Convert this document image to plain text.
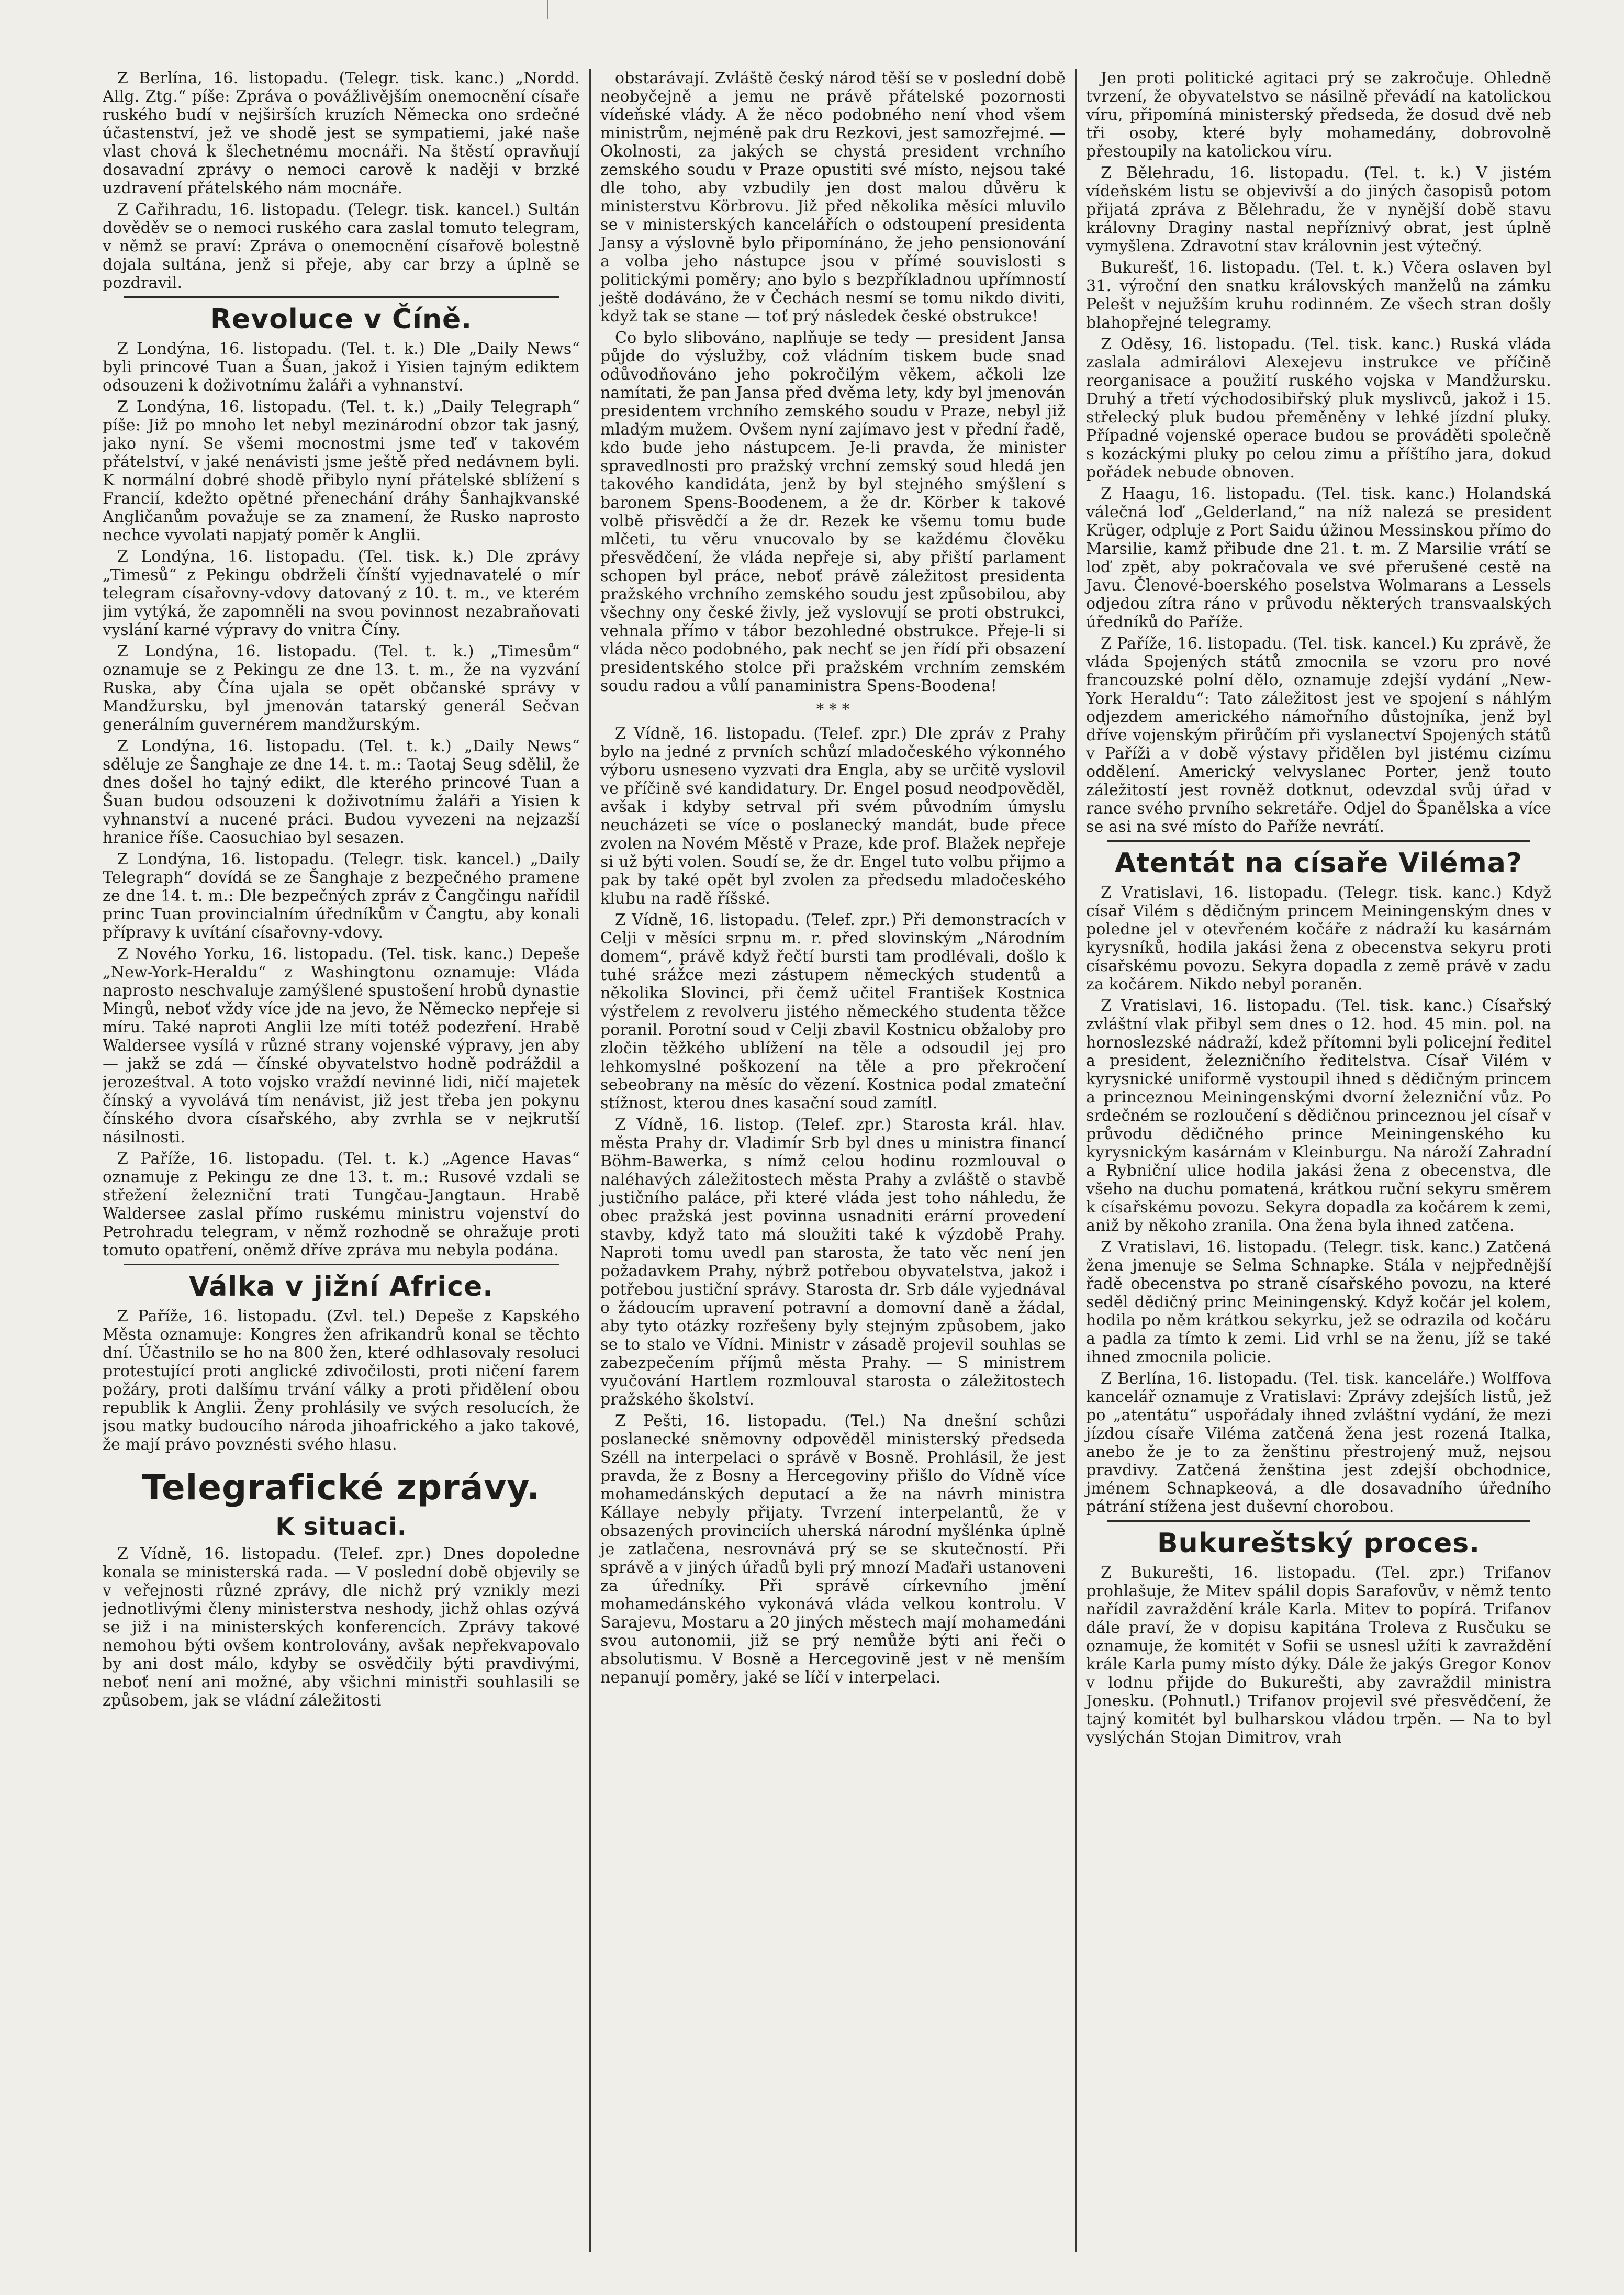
Z Berlína, 16. listopadu. (Telegr. tisk. kanc.) „Nordd. Allg. Ztg.“ píše: Zpráva o povážlivějším onemocnění císaře ruského budí v nejširších kruzích Německa ono srdečné účastenství, jež ve shodě jest se sympatiemi, jaké naše vlast chová k šlechetnému mocnáři. Na štěstí opravňují dosavadní zprávy o nemoci carově k naději v brzké uzdravení přátelského nám mocnáře.

Z Cařihradu, 16. listopadu. (Telegr. tisk. kancel.) Sultán dověděv se o nemoci ruského cara zaslal tomuto telegram, v němž se praví: Zpráva o onemocnění císařově bolestně dojala sultána, jenž si přeje, aby car brzy a úplně se pozdravil.

Revoluce v Číně.

Z Londýna, 16. listopadu. (Tel. t. k.) Dle „Daily News“ byli princové Tuan a Šuan, jakož i Yisien tajným ediktem odsouzeni k doživotnímu žaláři a vyhnanství.

Z Londýna, 16. listopadu. (Tel. t. k.) „Daily Telegraph“ píše: Již po mnoho let nebyl mezinárodní obzor tak jasný, jako nyní. Se všemi mocnostmi jsme teď v takovém přátelství, v jaké nenávisti jsme ještě před nedávnem byli. K normální dobré shodě přibylo nyní přátelské sblížení s Francií, kdežto opětné přenechání dráhy Šanhajkvanské Angličanům považuje se za znamení, že Rusko naprosto nechce vyvolati napjatý poměr k Anglii.

Z Londýna, 16. listopadu. (Tel. tisk. k.) Dle zprávy „Timesů“ z Pekingu obdrželi čínští vyjednavatelé o mír telegram císařovny-vdovy datovaný z 10. t. m., ve kterém jim vytýká, že zapomněli na svou povinnost nezabraňovati vyslání karné výpravy do vnitra Číny.

Z Londýna, 16. listopadu. (Tel. t. k.) „Timesům“ oznamuje se z Pekingu ze dne 13. t. m., že na vyzvání Ruska, aby Čína ujala se opět občanské správy v Mandžursku, byl jmenován tatarský generál Sečvan generálním guvernérem mandžurským.

Z Londýna, 16. listopadu. (Tel. t. k.) „Daily News“ sděluje ze Šanghaje ze dne 14. t. m.: Taotaj Seug sdělil, že dnes došel ho tajný edikt, dle kterého princové Tuan a Šuan budou odsouzeni k doživotnímu žaláři a Yisien k vyhnanství a nucené práci. Budou vyvezeni na nejzazší hranice říše. Caosuchiao byl sesazen.

Z Londýna, 16. listopadu. (Telegr. tisk. kancel.) „Daily Telegraph“ dovídá se ze Šanghaje z bezpečného pramene ze dne 14. t. m.: Dle bezpečných zpráv z Čangčingu nařídil princ Tuan provincialním úředníkům v Čangtu, aby konali přípravy k uvítání císařovny-vdovy.

Z Nového Yorku, 16. listopadu. (Tel. tisk. kanc.) Depeše „New-York-Heraldu“ z Washingtonu oznamuje: Vláda naprosto neschvaluje zamýšlené spustošení hrobů dynastie Mingů, neboť vždy více jde na jevo, že Německo nepřeje si míru. Také naproti Anglii lze míti totéž podezření. Hrabě Waldersee vysílá v různé strany vojenské výpravy, jen aby — jakž se zdá — čínské obyvatelstvo hodně podráždil a jeroześtval. A toto vojsko vraždí nevinné lidi, ničí majetek čínský a vyvolává tím nenávist, již jest třeba jen pokynu čínského dvora císařského, aby zvrhla se v nejkrutší násilnosti.

Z Paříže, 16. listopadu. (Tel. t. k.) „Agence Havas“ oznamuje z Pekingu ze dne 13. t. m.: Rusové vzdali se střežení železniční trati Tungčau-Jangtaun. Hrabě Waldersee zaslal přímo ruskému ministru vojenství do Petrohradu telegram, v němž rozhodně se ohražuje proti tomuto opatření, oněmž dříve zpráva mu nebyla podána.

Válka v jižní Africe.

Z Paříže, 16. listopadu. (Zvl. tel.) Depeše z Kapského Města oznamuje: Kongres žen afrikandrů konal se těchto dní. Účastnilo se ho na 800 žen, které odhlasovaly resoluci protestující proti anglické zdivočilosti, proti ničení farem požáry, proti dalšímu trvání války a proti přidělení obou republik k Anglii. Ženy prohlásily ve svých resolucích, že jsou matky budoucího národa jihoafrického a jako takové, že mají právo povznésti svého hlasu.

Telegrafické zprávy.
K situaci.

Z Vídně, 16. listopadu. (Telef. zpr.) Dnes dopoledne konala se ministerská rada. — V poslední době objevily se v veřejnosti různé zprávy, dle nichž prý vznikly mezi jednotlivými členy ministerstva neshody, jichž ohlas ozývá se již i na ministerských konferencích. Zprávy takové nemohou býti ovšem kontrolovány, avšak nepřekvapovalo by ani dost málo, kdyby se osvědčily býti pravdivými, neboť není ani možné, aby všichni ministři souhlasili se způsobem, jak se vládní záležitosti

obstarávají. Zvláště český národ těší se v poslední době neobyčejně a jemu ne právě přátelské pozornosti vídeňské vlády. A že něco podobného není vhod všem ministrům, nejméně pak dru Rezkovi, jest samozřejmé. — Okolnosti, za jakých se chystá president vrchního zemského soudu v Praze opustiti své místo, nejsou také dle toho, aby vzbudily jen dost malou důvěru k ministerstvu Körbrovu. Již před několika měsíci mluvilo se v ministerských kancelářích o odstoupení presidenta Jansy a výslovně bylo připomínáno, že jeho pensionování a volba jeho nástupce jsou v přímé souvislosti s politickými poměry; ano bylo s bezpříkladnou upřímností ještě dodáváno, že v Čechách nesmí se tomu nikdo diviti, když tak se stane — toť prý následek české obstrukce!

Co bylo slibováno, naplňuje se tedy — president Jansa půjde do výslužby, což vládním tiskem bude snad odůvodňováno jeho pokročilým věkem, ačkoli lze namítati, že pan Jansa před dvěma lety, kdy byl jmenován presidentem vrchního zemského soudu v Praze, nebyl již mladým mužem. Ovšem nyní zajímavo jest v přední řadě, kdo bude jeho nástupcem. Je-li pravda, že minister spravedlnosti pro pražský vrchní zemský soud hledá jen takového kandidáta, jenž by byl stejného smýšlení s baronem Spens-Boodenem, a že dr. Körber k takové volbě přisvědčí a že dr. Rezek ke všemu tomu bude mlčeti, tu věru vnucovalo by se každému člověku přesvědčení, že vláda nepřeje si, aby přiští parlament schopen byl práce, neboť právě záležitost presidenta pražského vrchního zemského soudu jest způsobilou, aby všechny ony české živly, jež vyslovují se proti obstrukci, vehnala přímo v tábor bezohledné obstrukce. Přeje-li si vláda něco podobného, pak nechť se jen řídí při obsazení presidentského stolce při pražském vrchním zemském soudu radou a vůlí panaministra Spens-Boodena!

* * *

Z Vídně, 16. listopadu. (Telef. zpr.) Dle zpráv z Prahy bylo na jedné z prvních schůzí mladočeského výkonného výboru usneseno vyzvati dra Engla, aby se určitě vyslovil ve příčině své kandidatury. Dr. Engel posud neodpověděl, avšak i kdyby setrval při svém původním úmyslu neucházeti se více o poslanecký mandát, bude přece zvolen na Novém Městě v Praze, kde prof. Blažek nepřeje si už býti volen. Soudí se, že dr. Engel tuto volbu přijmo a pak by také opět byl zvolen za předsedu mladočeského klubu na radě říšské.

Z Vídně, 16. listopadu. (Telef. zpr.) Při demonstracích v Celji v měsíci srpnu m. r. před slovinským „Národním domem“, právě když řečtí bursti tam prodlévali, došlo k tuhé srážce mezi zástupem německých studentů a několika Slovinci, při čemž učitel František Kostnica výstřelem z revolveru jistého německého studenta těžce poranil. Porotní soud v Celji zbavil Kostnicu obžaloby pro zločin těžkého ublížení na těle a odsoudil jej pro lehkomyslné poškození na těle a pro překročení sebeobrany na měsíc do vězení. Kostnica podal zmateční stížnost, kterou dnes kasační soud zamítl.

Z Vídně, 16. listop. (Telef. zpr.) Starosta král. hlav. města Prahy dr. Vladimír Srb byl dnes u ministra financí Böhm-Bawerka, s nímž celou hodinu rozmlouval o naléhavých záležitostech města Prahy a zvláště o stavbě justičního paláce, při které vláda jest toho náhledu, že obec pražská jest povinna usnadniti erární provedení stavby, když tato má sloužiti také k výzdobě Prahy. Naproti tomu uvedl pan starosta, že tato věc není jen požadavkem Prahy, nýbrž potřebou obyvatelstva, jakož i potřebou justiční správy. Starosta dr. Srb dále vyjednával o žádoucím upravení potravní a domovní daně a žádal, aby tyto otázky rozřešeny byly stejným způsobem, jako se to stalo ve Vídni. Ministr v zásadě projevil souhlas se zabezpečením příjmů města Prahy. — S ministrem vyučování Hartlem rozmlouval starosta o záležitostech pražského školství.

Z Pešti, 16. listopadu. (Tel.) Na dnešní schůzi poslanecké sněmovny odpověděl ministerský předseda Széll na interpelaci o správě v Bosně. Prohlásil, že jest pravda, že z Bosny a Hercegoviny přišlo do Vídně více mohamedánských deputací a že na návrh ministra Kállaye nebyly přijaty. Tvrzení interpelantů, že v obsazených provinciích uherská národní myšlénka úplně je zatlačena, nesrovnává prý se se skutečností. Při správě a v jiných úřadů byli prý mnozí Maďaři ustanoveni za úředníky. Při správě církevního jmění mohamedánského vykonává vláda velkou kontrolu. V Sarajevu, Mostaru a 20 jiných městech mají mohamedáni svou autonomii, již se prý nemůže býti ani řeči o absolutismu. V Bosně a Hercegovině jest v ně menším nepanují poměry, jaké se líčí v interpelaci.

Jen proti politické agitaci prý se zakročuje. Ohledně tvrzení, že obyvatelstvo se násilně převádí na katolickou víru, připomíná ministerský předseda, že dosud dvě neb tři osoby, které byly mohamedány, dobrovolně přestoupily na katolickou víru.

Z Bělehradu, 16. listopadu. (Tel. t. k.) V jistém vídeňském listu se objevivší a do jiných časopisů potom přijatá zpráva z Bělehradu, že v nynější době stavu královny Draginy nastal nepříznivý obrat, jest úplně vymyšlena. Zdravotní stav královnin jest výtečný.

Bukurešť, 16. listopadu. (Tel. t. k.) Včera oslaven byl 31. výroční den snatku královských manželů na zámku Pelešt v nejužším kruhu rodinném. Ze všech stran došly blahopřejné telegramy.

Z Oděsy, 16. listopadu. (Tel. tisk. kanc.) Ruská vláda zaslala admirálovi Alexejevu instrukce ve příčině reorganisace a použití ruského vojska v Mandžursku. Druhý a třetí východosibiřský pluk myslivců, jakož i 15. střelecký pluk budou přeměněny v lehké jízdní pluky. Případné vojenské operace budou se prováděti společně s kozáckými pluky po celou zimu a příštího jara, dokud pořádek nebude obnoven.

Z Haagu, 16. listopadu. (Tel. tisk. kanc.) Holandská válečná loď „Gelderland,“ na níž nalezá se president Krüger, odpluje z Port Saidu úžinou Messinskou přímo do Marsilie, kamž přibude dne 21. t. m. Z Marsilie vrátí se loď zpět, aby pokračovala ve své přerušené cestě na Javu. Členové-boerského poselstva Wolmarans a Lessels odjedou zítra ráno v průvodu některých transvaalských úředníků do Paříže.

Z Paříže, 16. listopadu. (Tel. tisk. kancel.) Ku zprávě, že vláda Spojených států zmocnila se vzoru pro nové francouzské polní dělo, oznamuje zdejší vydání „New-York Heraldu“: Tato záležitost jest ve spojení s náhlým odjezdem amerického námořního důstojníka, jenž byl dříve vojenským přirůčím při vyslanectví Spojených států v Paříži a v době výstavy přidělen byl jistému cizímu oddělení. Americký velvyslanec Porter, jenž touto záležitostí jest rovněž dotknut, odevzdal svůj úřad v rance svého prvního sekretáře. Odjel do Španělska a více se asi na své místo do Paříže nevrátí.

Atentát na císaře Viléma?

Z Vratislavi, 16. listopadu. (Telegr. tisk. kanc.) Když císař Vilém s dědičným princem Meiningenským dnes v poledne jel v otevřeném kočáře z nádraží ku kasárnám kyrysníků, hodila jakási žena z obecenstva sekyru proti císařskému povozu. Sekyra dopadla z země právě v zadu za kočárem. Nikdo nebyl poraněn.

Z Vratislavi, 16. listopadu. (Tel. tisk. kanc.) Císařský zvláštní vlak přibyl sem dnes o 12. hod. 45 min. pol. na hornoslezské nádraží, kdež přítomni byli policejní ředitel a president, železničního ředitelstva. Císař Vilém v kyrysnické uniformě vystoupil ihned s dědičným princem a princeznou Meiningenskými dvorní železniční vůz. Po srdečném se rozloučení s dědičnou princeznou jel císař v průvodu dědičného prince Meiningenského ku kyrysnickým kasárnám v Kleinburgu. Na nároží Zahradní a Rybniční ulice hodila jakási žena z obecenstva, dle všeho na duchu pomatená, krátkou ruční sekyru směrem k císařskému povozu. Sekyra dopadla za kočárem k zemi, aniž by někoho zranila. Ona žena byla ihned zatčena.

Z Vratislavi, 16. listopadu. (Telegr. tisk. kanc.) Zatčená žena jmenuje se Selma Schnapke. Stála v nejpřednější řadě obecenstva po straně císařského povozu, na které seděl dědičný princ Meiningenský. Když kočár jel kolem, hodila po něm krátkou sekyrku, jež se odrazila od kočáru a padla za tímto k zemi. Lid vrhl se na ženu, jíž se také ihned zmocnila policie.

Z Berlína, 16. listopadu. (Tel. tisk. kanceláře.) Wolffova kancelář oznamuje z Vratislavi: Zprávy zdejších listů, jež po „atentátu“ uspořádaly ihned zvláštní vydání, že mezi jízdou císaře Viléma zatčená žena jest rozená Italka, anebo že je to za ženštinu přestrojený muž, nejsou pravdivy. Zatčená ženština jest zdejší obchodnice, jménem Schnapkeová, a dle dosavadního úředního pátrání stížena jest duševní chorobou.

Bukureštský proces.

Z Bukurešti, 16. listopadu. (Tel. zpr.) Trifanov prohlašuje, že Mitev spálil dopis Sarafovův, v němž tento nařídil zavraždění krále Karla. Mitev to popírá. Trifanov dále praví, že v dopisu kapitána Troleva z Rusčuku se oznamuje, že komitét v Sofii se usnesl užíti k zavraždění krále Karla pumy místo dýky. Dále že jakýs Gregor Konov v lodnu přijde do Bukurešti, aby zavraždil ministra Jonesku. (Pohnutl.) Trifanov projevil své přesvědčení, že tajný komitét byl bulharskou vládou trpěn. — Na to byl vyslýchán Stojan Dimitrov, vrah
